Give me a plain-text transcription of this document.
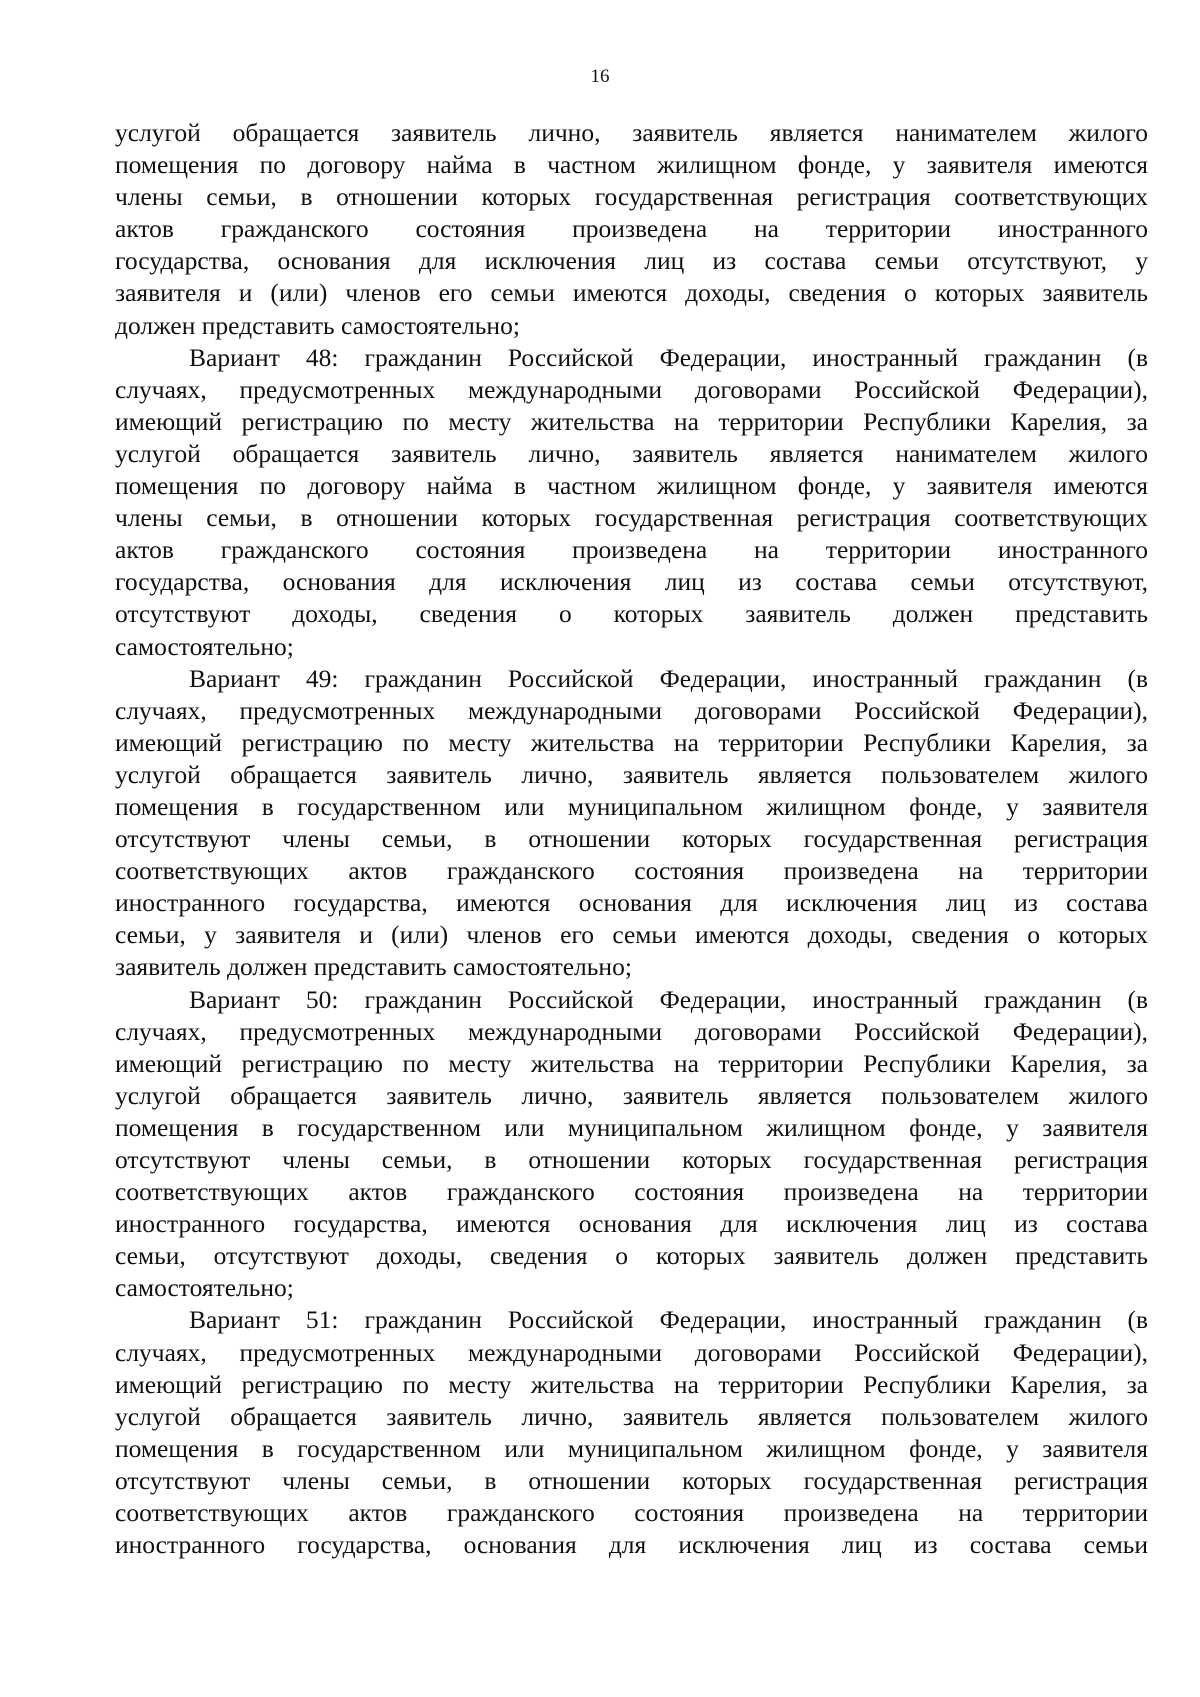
16
услугой обращается заявитель лично, заявитель является нанимателем жилого
помещения по договору найма в частном жилищном фонде, у заявителя имеются
члены семьи, в отношении которых государственная регистрация соответствующих
актов гражданского состояния произведена на территории иностранного
государства, основания для исключения лиц из состава семьи отсутствуют, у
заявителя и (или) членов его семьи имеются доходы, сведения о которых заявитель
должен представить самостоятельно;
Вариант 48: гражданин Российской Федерации, иностранный гражданин (в
случаях, предусмотренных международными договорами Российской Федерации),
имеющий регистрацию по месту жительства на территории Республики Карелия, за
услугой обращается заявитель лично, заявитель является нанимателем жилого
помещения по договору найма в частном жилищном фонде, у заявителя имеются
члены семьи, в отношении которых государственная регистрация соответствующих
актов гражданского состояния произведена на территории иностранного
государства, основания для исключения лиц из состава семьи отсутствуют,
отсутствуют доходы, сведения о которых заявитель должен представить
самостоятельно;
Вариант 49: гражданин Российской Федерации, иностранный гражданин (в
случаях, предусмотренных международными договорами Российской Федерации),
имеющий регистрацию по месту жительства на территории Республики Карелия, за
услугой обращается заявитель лично, заявитель является пользователем жилого
помещения в государственном или муниципальном жилищном фонде, у заявителя
отсутствуют члены семьи, в отношении которых государственная регистрация
соответствующих актов гражданского состояния произведена на территории
иностранного государства, имеются основания для исключения лиц из состава
семьи, у заявителя и (или) членов его семьи имеются доходы, сведения о которых
заявитель должен представить самостоятельно;
Вариант 50: гражданин Российской Федерации, иностранный гражданин (в
случаях, предусмотренных международными договорами Российской Федерации),
имеющий регистрацию по месту жительства на территории Республики Карелия, за
услугой обращается заявитель лично, заявитель является пользователем жилого
помещения в государственном или муниципальном жилищном фонде, у заявителя
отсутствуют члены семьи, в отношении которых государственная регистрация
соответствующих актов гражданского состояния произведена на территории
иностранного государства, имеются основания для исключения лиц из состава
семьи, отсутствуют доходы, сведения о которых заявитель должен представить
самостоятельно;
Вариант 51: гражданин Российской Федерации, иностранный гражданин (в
случаях, предусмотренных международными договорами Российской Федерации),
имеющий регистрацию по месту жительства на территории Республики Карелия, за
услугой обращается заявитель лично, заявитель является пользователем жилого
помещения в государственном или муниципальном жилищном фонде, у заявителя
отсутствуют члены семьи, в отношении которых государственная регистрация
соответствующих актов гражданского состояния произведена на территории
иностранного государства, основания для исключения лиц из состава семьи
